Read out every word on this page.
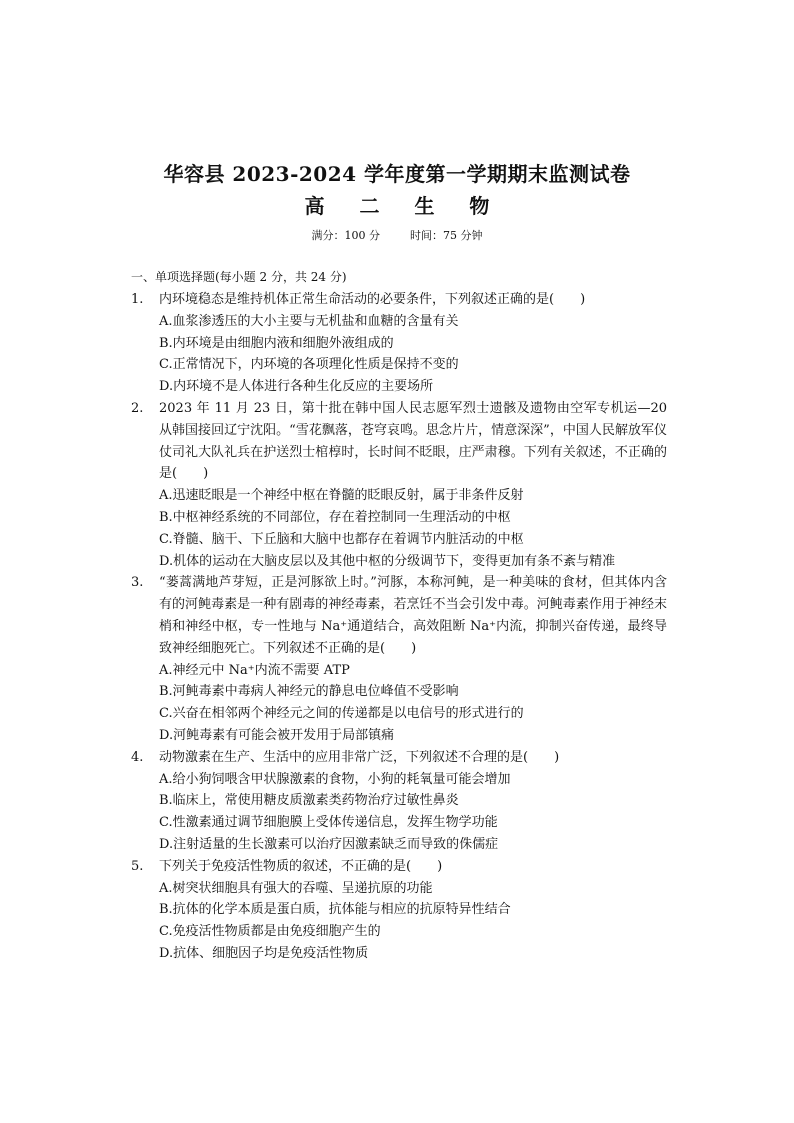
华容县 2023-2024 学年度第一学期期末监测试卷
高 二 生 物
满分：100 分	时间：75 分钟
一、单项选择题(每小题 2 分，共 24 分)
1. 内环境稳态是维持机体正常生命活动的必要条件，下列叙述正确的是(　　)

A.血浆渗透压的大小主要与无机盐和血糖的含量有关
B.内环境是由细胞内液和细胞外液组成的
C.正常情况下，内环境的各项理化性质是保持不变的
D.内环境不是人体进行各种生化反应的主要场所
2. 2023 年 11 月 23 日，第十批在韩中国人民志愿军烈士遗骸及遗物由空军专机运—20 从韩国接回辽宁沈阳。“雪花飘落，苍穹哀鸣。思念片片，情意深深”，中国人民解放军仪仗司礼大队礼兵在护送烈士棺椁时，长时间不眨眼，庄严肃穆。下列有关叙述，不正确的是(　　)

A.迅速眨眼是一个神经中枢在脊髓的眨眼反射，属于非条件反射
B.中枢神经系统的不同部位，存在着控制同一生理活动的中枢
C.脊髓、脑干、下丘脑和大脑中也都存在着调节内脏活动的中枢
D.机体的运动在大脑皮层以及其他中枢的分级调节下，变得更加有条不紊与精准
3. “蒌蒿满地芦芽短，正是河豚欲上时。”河豚，本称河鲀，是一种美味的食材，但其体内含有的河鲀毒素是一种有剧毒的神经毒素，若烹饪不当会引发中毒。河鲀毒素作用于神经末梢和神经中枢，专一性地与 Na⁺通道结合，高效阻断 Na⁺内流，抑制兴奋传递，最终导致神经细胞死亡。下列叙述不正确的是(　　)

A.神经元中 Na⁺内流不需要 ATP
B.河鲀毒素中毒病人神经元的静息电位峰值不受影响
C.兴奋在相邻两个神经元之间的传递都是以电信号的形式进行的
D.河鲀毒素有可能会被开发用于局部镇痛
4. 动物激素在生产、生活中的应用非常广泛，下列叙述不合理的是(　　)

A.给小狗饲喂含甲状腺激素的食物，小狗的耗氧量可能会增加
B.临床上，常使用糖皮质激素类药物治疗过敏性鼻炎
C.性激素通过调节细胞膜上受体传递信息，发挥生物学功能
D.注射适量的生长激素可以治疗因激素缺乏而导致的侏儒症
5. 下列关于免疫活性物质的叙述，不正确的是(　　)

A.树突状细胞具有强大的吞噬、呈递抗原的功能
B.抗体的化学本质是蛋白质，抗体能与相应的抗原特异性结合
C.免疫活性物质都是由免疫细胞产生的
D.抗体、细胞因子均是免疫活性物质
